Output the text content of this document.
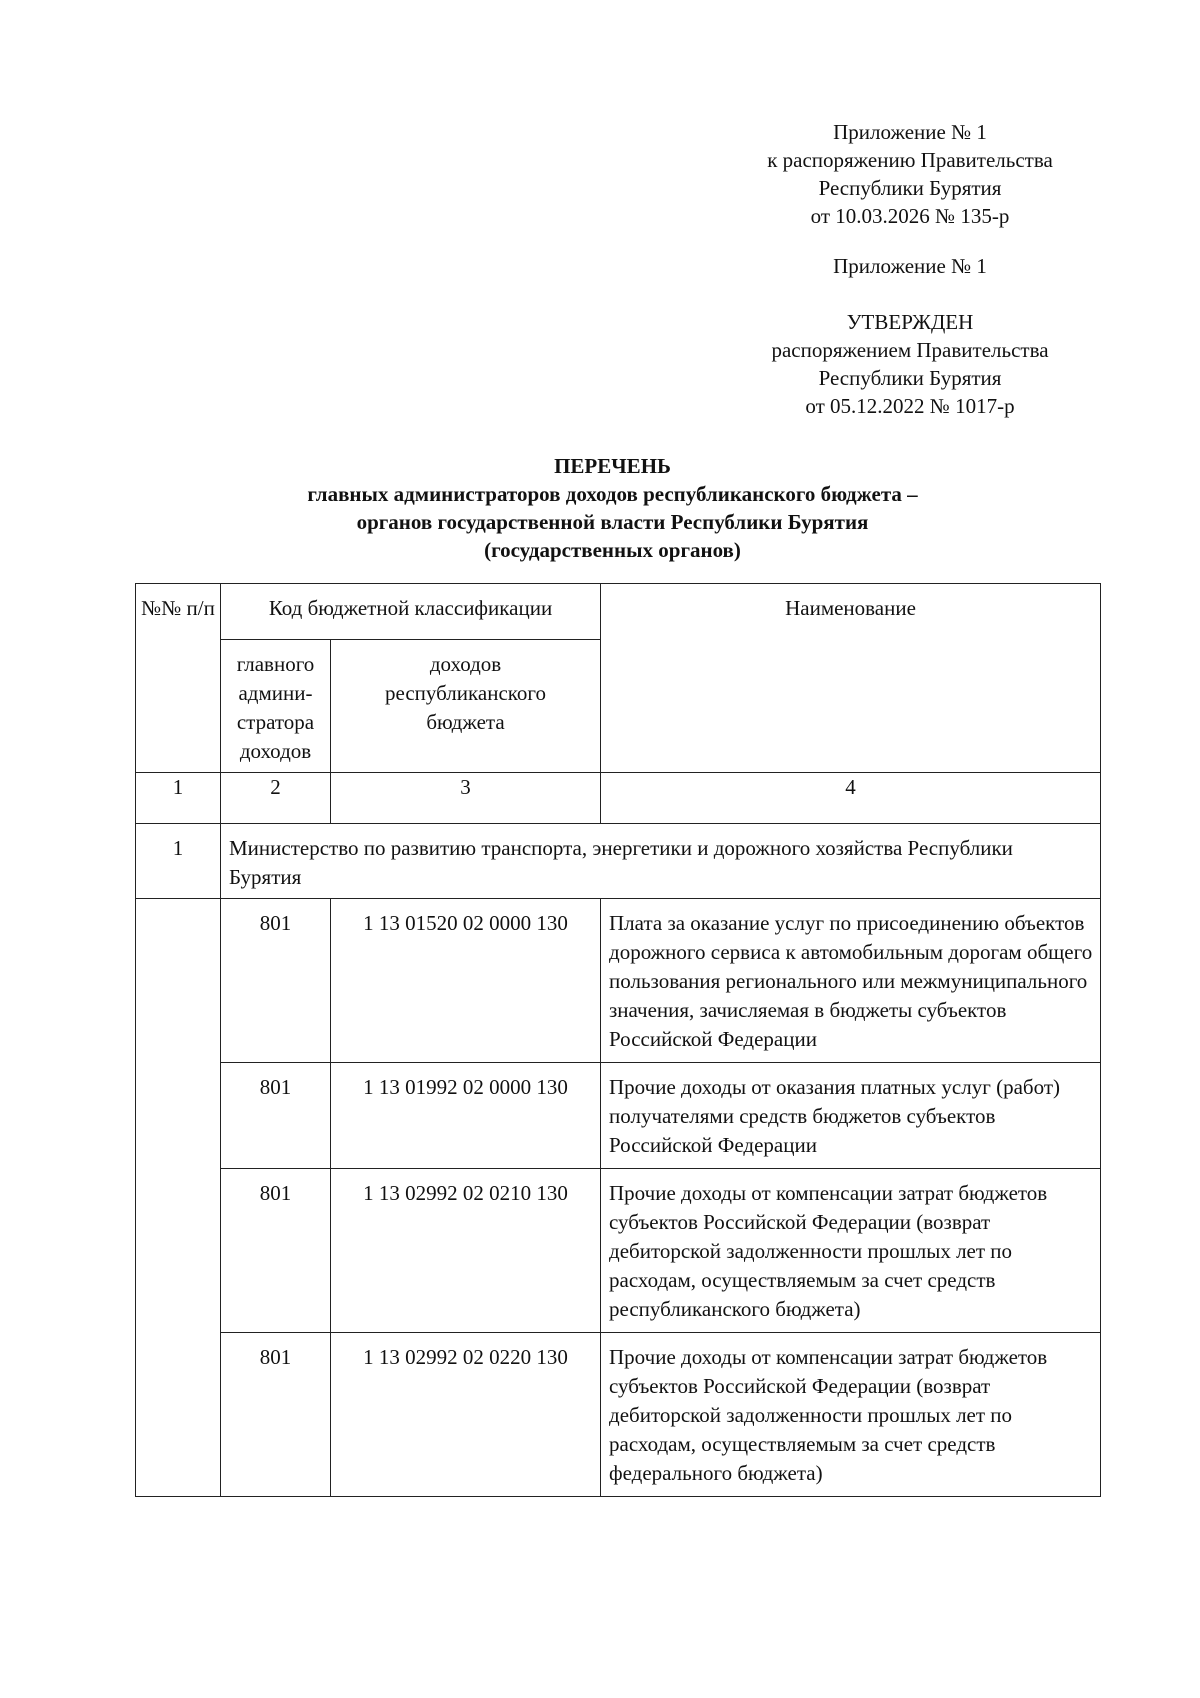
Приложение № 1
к распоряжению Правительства
Республики Бурятия
от 10.03.2026 № 135-р
Приложение № 1
УТВЕРЖДЕН
распоряжением Правительства
Республики Бурятия
от 05.12.2022 № 1017-р
ПЕРЕЧЕНЬ
главных администраторов доходов республиканского бюджета –
органов государственной власти Республики Бурятия
(государственных органов)
№№ п/п	Код бюджетной классификации		Наименование
	главного админи-стратора доходов	доходов республиканского бюджета	
1	2	3	4
1	Министерство по развитию транспорта, энергетики и дорожного хозяйства Республики Бурятия		
	801	1 13 01520 02 0000 130	Плата за оказание услуг по присоединению объектов дорожного сервиса к автомобильным дорогам общего пользования регионального или межмуниципального значения, зачисляемая в бюджеты субъектов Российской Федерации
	801	1 13 01992 02 0000 130	Прочие доходы от оказания платных услуг (работ) получателями средств бюджетов субъектов Российской Федерации
	801	1 13 02992 02 0210 130	Прочие доходы от компенсации затрат бюджетов субъектов Российской Федерации (возврат дебиторской задолженности прошлых лет по расходам, осуществляемым за счет средств республиканского бюджета)
	801	1 13 02992 02 0220 130	Прочие доходы от компенсации затрат бюджетов субъектов Российской Федерации (возврат дебиторской задолженности прошлых лет по расходам, осуществляемым за счет средств федерального бюджета)
